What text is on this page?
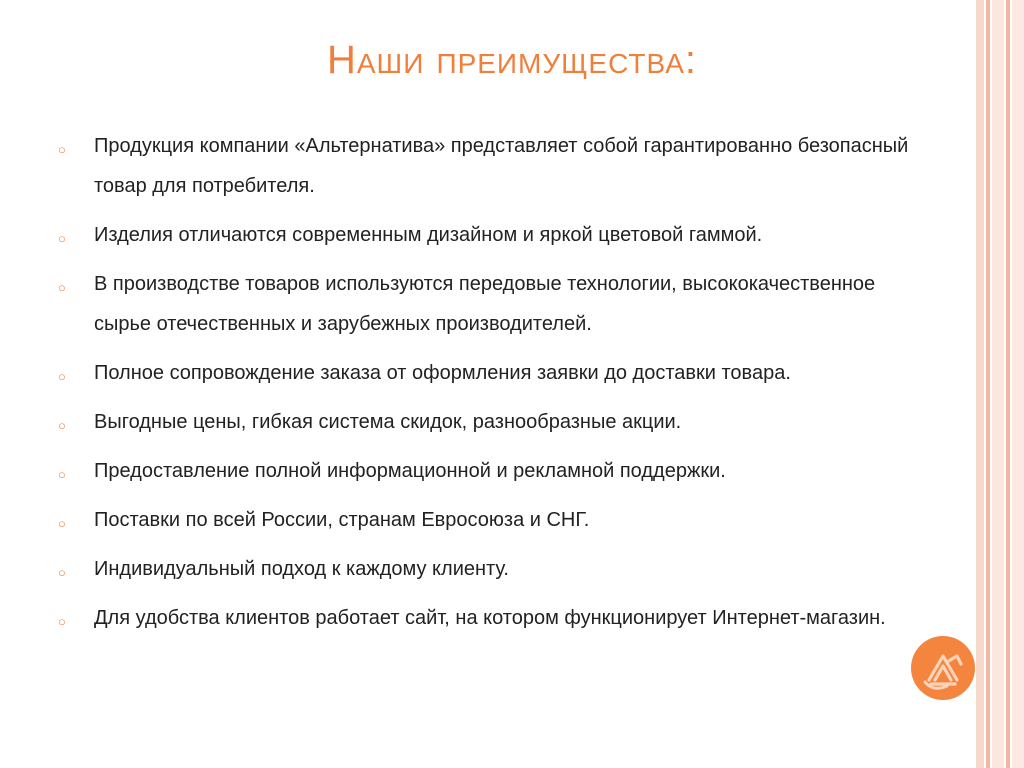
Наши преимущества:
○ Продукция компании «Альтернатива» представляет собой гарантированно безопасный товар для потребителя.
○ Изделия отличаются современным дизайном и яркой цветовой гаммой.
○ В производстве товаров используются передовые технологии, высококачественное сырье отечественных и зарубежных производителей.
○ Полное сопровождение заказа от оформления заявки до доставки товара.
○ Выгодные цены, гибкая система скидок, разнообразные акции.
○ Предоставление полной информационной и рекламной поддержки.
○ Поставки по всей России, странам Евросоюза и СНГ.
○ Индивидуальный подход к каждому клиенту.
○ Для удобства клиентов работает сайт, на котором функционирует Интернет-магазин.
